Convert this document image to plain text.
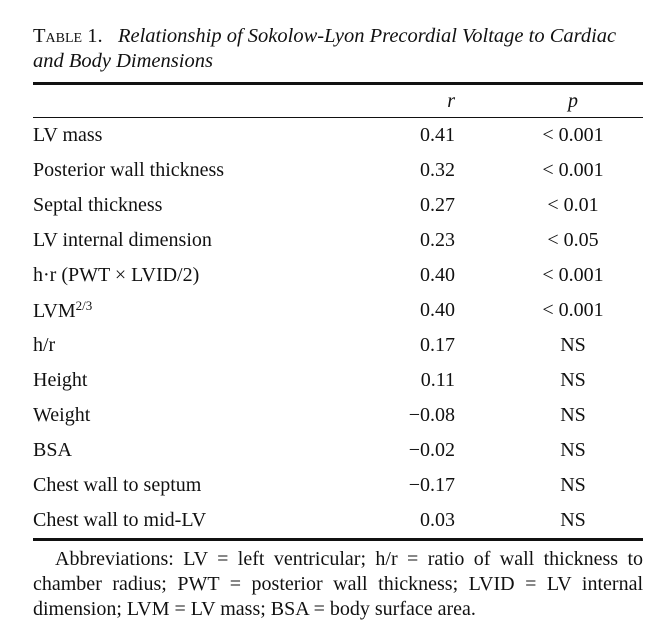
Table 1. Relationship of Sokolow-Lyon Precordial Voltage to Cardiac and Body Dimensions

	r	p

LV mass	0.41	< 0.001
Posterior wall thickness	0.32	< 0.001
Septal thickness	0.27	< 0.01
LV internal dimension	0.23	< 0.05
h·r (PWT × LVID/2)	0.40	< 0.001
$LVM^{2/3}$	0.40	< 0.001
h/r	0.17	NS
Height	0.11	NS
Weight	−0.08	NS
BSA	−0.02	NS
Chest wall to septum	−0.17	NS
Chest wall to mid-LV	0.03	NS

Abbreviations: LV = left ventricular; h/r = ratio of wall thickness to chamber radius; PWT = posterior wall thickness; LVID = LV internal dimension; LVM = LV mass; BSA = body surface area.
